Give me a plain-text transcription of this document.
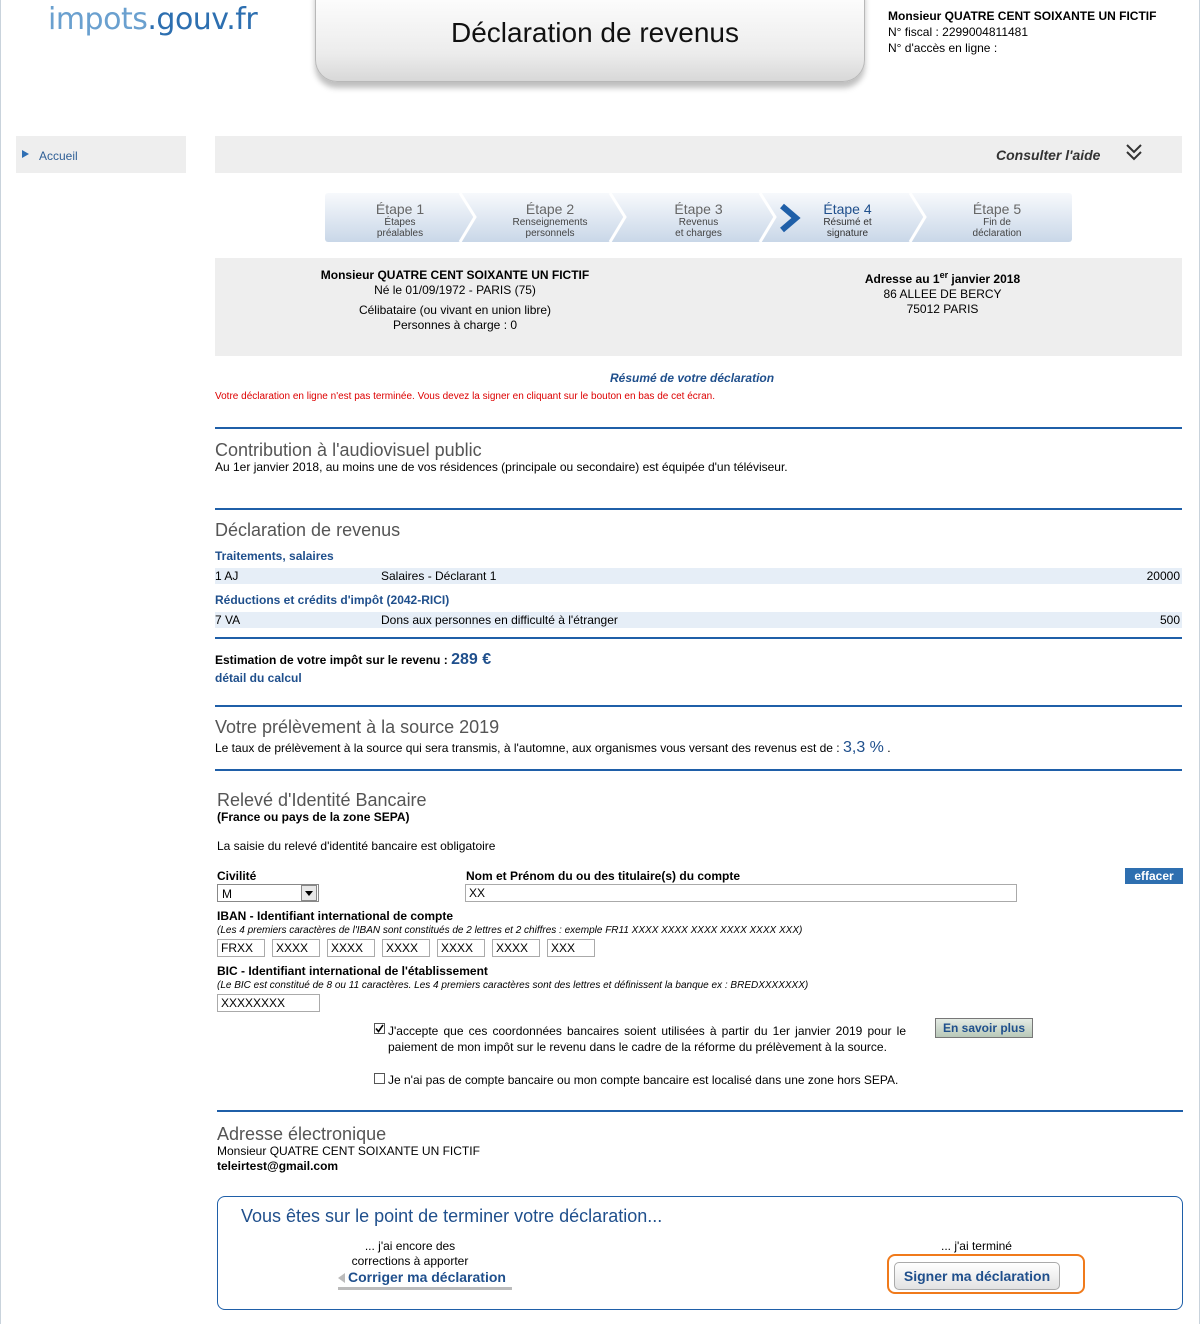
impots.gouv.fr	Déclaration de revenus
Monsieur QUATRE CENT SOIXANTE UN FICTIF
N° fiscal : 2299004811481
N° d'accès en ligne :
Accueil	Consulter l'aide
Étape 1
Étapes
préalables
Étape 2
Renseignements
personnels
Étape 3
Revenus
et charges
Étape 4
Résumé et
signature
Étape 5
Fin de
déclaration
Monsieur QUATRE CENT SOIXANTE UN FICTIF
Né le 01/09/1972 - PARIS (75)
Célibataire (ou vivant en union libre)
Personnes à charge : 0
Adresse au 1er janvier 2018
86 ALLEE DE BERCY
75012 PARIS
Résumé de votre déclaration
Votre déclaration en ligne n'est pas terminée. Vous devez la signer en cliquant sur le bouton en bas de cet écran.
Contribution à l'audiovisuel public
Au 1er janvier 2018, au moins une de vos résidences (principale ou secondaire) est équipée d'un téléviseur.
Déclaration de revenus
Traitements, salaires
1 AJ	Salaires - Déclarant 1	20000
Réductions et crédits d'impôt (2042-RICI)
7 VA	Dons aux personnes en difficulté à l'étranger	500
Estimation de votre impôt sur le revenu : 289 €
détail du calcul
Votre prélèvement à la source 2019
Le taux de prélèvement à la source qui sera transmis, à l'automne, aux organismes vous versant des revenus est de : 3,3 % .
Relevé d'Identité Bancaire
(France ou pays de la zone SEPA)
La saisie du relevé d'identité bancaire est obligatoire
Civilité
M
Nom et Prénom du ou des titulaire(s) du compte
XX	effacer
IBAN - Identifiant international de compte
(Les 4 premiers caractères de l'IBAN sont constitués de 2 lettres et 2 chiffres : exemple FR11 XXXX XXXX XXXX XXXX XXXX XXX)
FRXX
XXXX
XXXX
XXXX
XXXX
XXXX
XXX
BIC - Identifiant international de l'établissement
(Le BIC est constitué de 8 ou 11 caractères. Les 4 premiers caractères sont des lettres et définissent la banque ex : BREDXXXXXXX)
XXXXXXXX
J'accepte que ces coordonnées bancaires soient utilisées à partir du 1er janvier 2019 pour le
paiement de mon impôt sur le revenu dans le cadre de la réforme du prélèvement à la source.
En savoir plus
Je n'ai pas de compte bancaire ou mon compte bancaire est localisé dans une zone hors SEPA.
Adresse électronique
Monsieur QUATRE CENT SOIXANTE UN FICTIF
teleirtest@gmail.com
Vous êtes sur le point de terminer votre déclaration...
... j'ai encore des
corrections à apporter
Corriger ma déclaration
... j'ai terminé
Signer ma déclaration
